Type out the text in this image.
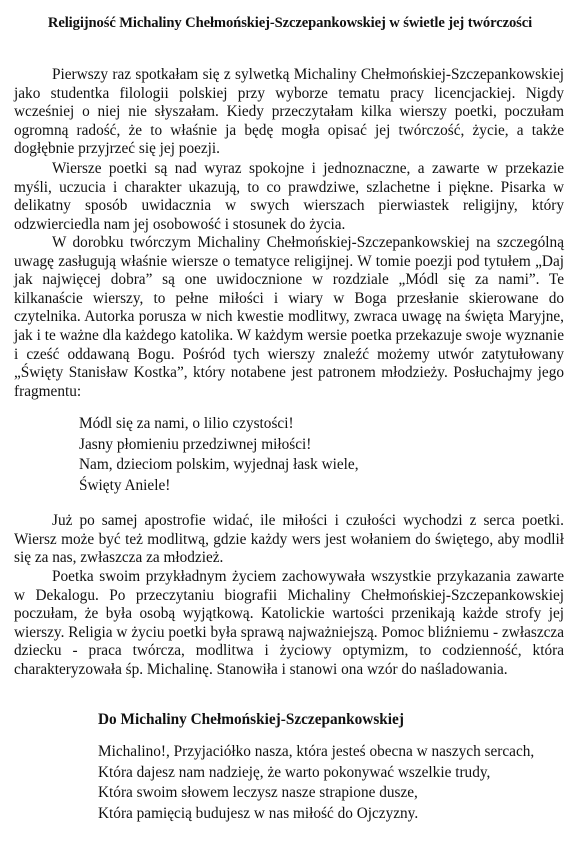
Religijność Michaliny Chełmońskiej-Szczepankowskiej w świetle jej twórczości

Pierwszy raz spotkałam się z sylwetką Michaliny Chełmońskiej-Szczepankowskiej jako studentka filologii polskiej przy wyborze tematu pracy licencjackiej. Nigdy wcześniej o niej nie słyszałam. Kiedy przeczytałam kilka wierszy poetki, poczułam ogromną radość, że to właśnie ja będę mogła opisać jej twórczość, życie, a także dogłębnie przyjrzeć się jej poezji.

Wiersze poetki są nad wyraz spokojne i jednoznaczne, a zawarte w przekazie myśli, uczucia i charakter ukazują, to co prawdziwe, szlachetne i piękne. Pisarka w delikatny sposób uwidacznia w swych wierszach pierwiastek religijny, który odzwierciedla nam jej osobowość i stosunek do życia.

W dorobku twórczym Michaliny Chełmońskiej-Szczepankowskiej na szczególną uwagę zasługują właśnie wiersze o tematyce religijnej. W tomie poezji pod tytułem „Daj jak najwięcej dobra” są one uwidocznione w rozdziale „Módl się za nami”. Te kilkanaście wierszy, to pełne miłości i wiary w Boga przesłanie skierowane do czytelnika. Autorka porusza w nich kwestie modlitwy, zwraca uwagę na święta Maryjne, jak i te ważne dla każdego katolika. W każdym wersie poetka przekazuje swoje wyznanie i cześć oddawaną Bogu. Pośród tych wierszy znaleźć możemy utwór zatytułowany „Święty Stanisław Kostka”, który notabene jest patronem młodzieży. Posłuchajmy jego fragmentu:

Módl się za nami, o lilio czystości!
Jasny płomieniu przedziwnej miłości!
Nam, dzieciom polskim, wyjednaj łask wiele,
Święty Aniele!

Już po samej apostrofie widać, ile miłości i czułości wychodzi z serca poetki. Wiersz może być też modlitwą, gdzie każdy wers jest wołaniem do świętego, aby modlił się za nas, zwłaszcza za młodzież.

Poetka swoim przykładnym życiem zachowywała wszystkie przykazania zawarte w Dekalogu. Po przeczytaniu biografii Michaliny Chełmońskiej-Szczepankowskiej poczułam, że była osobą wyjątkową. Katolickie wartości przenikają każde strofy jej wierszy. Religia w życiu poetki była sprawą najważniejszą. Pomoc bliźniemu - zwłaszcza dziecku - praca twórcza, modlitwa i życiowy optymizm, to codzienność, która charakteryzowała śp. Michalinę. Stanowiła i stanowi ona wzór do naśladowania.

Do Michaliny Chełmońskiej-Szczepankowskiej
Michalino!, Przyjaciółko nasza, która jesteś obecna w naszych sercach,
Która dajesz nam nadzieję, że warto pokonywać wszelkie trudy,
Która swoim słowem leczysz nasze strapione dusze,
Która pamięcią budujesz w nas miłość do Ojczyzny.
